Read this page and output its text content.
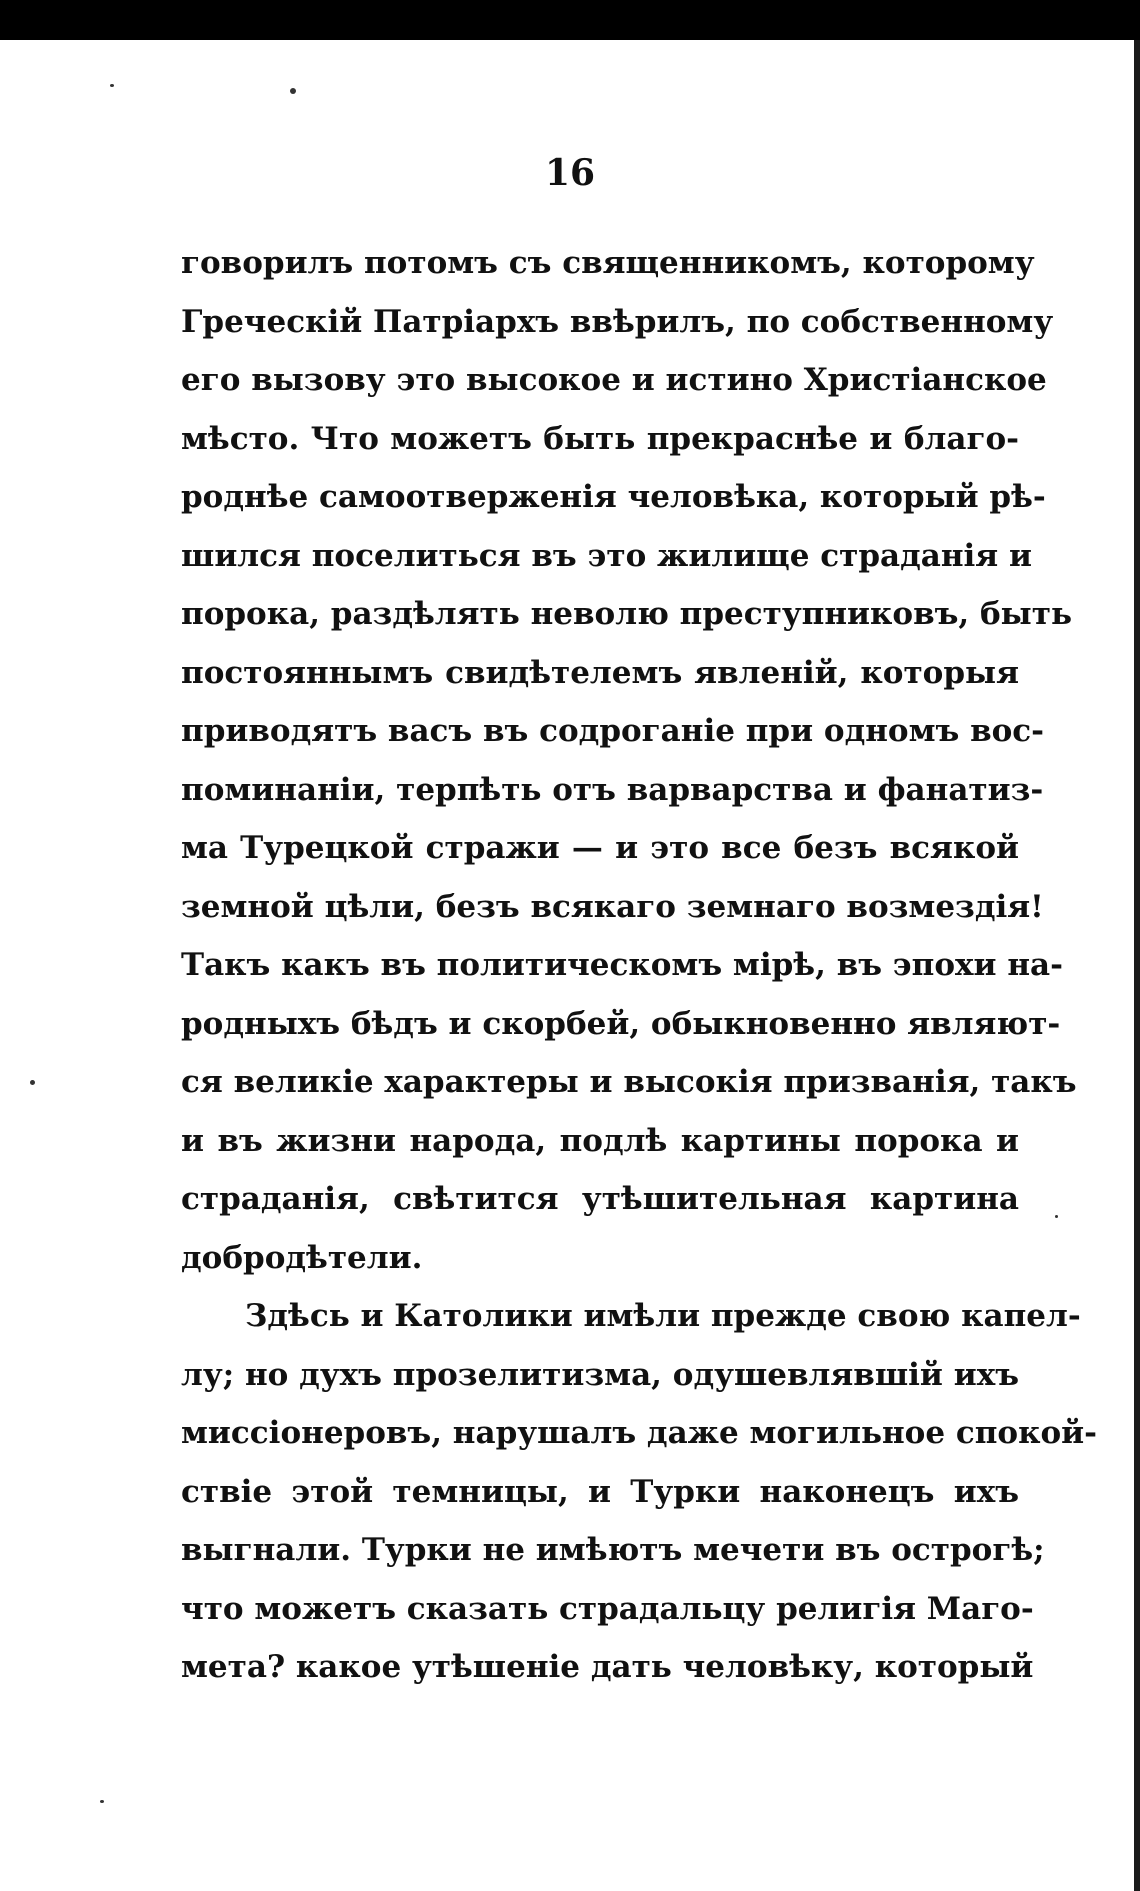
16

говорилъ потомъ съ священникомъ, которому
Греческій Патріархъ ввѣрилъ, по собственному
его вызову это высокое и истино Христіанское
мѣсто. Что можетъ быть прекраснѣе и благо-
роднѣе самоотверженія человѣка, который рѣ-
шился поселиться въ это жилище страданія и
порока, раздѣлять неволю преступниковъ, быть
постояннымъ свидѣтелемъ явленій, которыя
приводятъ васъ въ содроганіе при одномъ вос-
поминаніи, терпѣть отъ варварства и фанатиз-
ма Турецкой стражи — и это все безъ всякой
земной цѣли, безъ всякаго земнаго возмездія!
Такъ какъ въ политическомъ мірѣ, въ эпохи на-
родныхъ бѣдъ и скорбей, обыкновенно являют-
ся великіе характеры и высокія призванія, такъ
и въ жизни народа, подлѣ картины порока и
страданія, свѣтится утѣшительная картина
добродѣтели.
Здѣсь и Католики имѣли прежде свою капел-
лу; но духъ прозелитизма, одушевлявшій ихъ
миссіонеровъ, нарушалъ даже могильное спокой-
ствіе этой темницы, и Турки наконецъ ихъ
выгнали. Турки не имѣютъ мечети въ острогѣ;
что можетъ сказать страдальцу религія Маго-
мета? какое утѣшеніе дать человѣку, который
